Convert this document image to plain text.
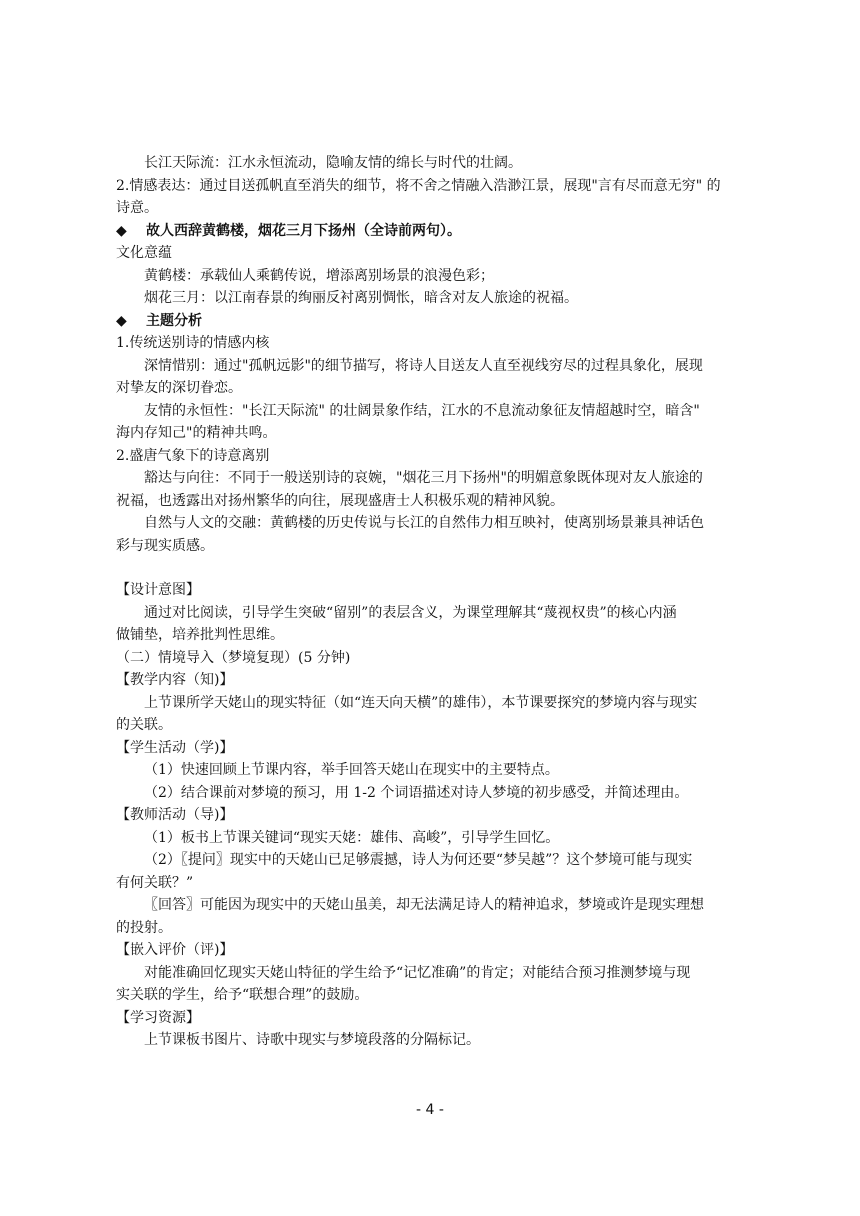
长江天际流：江水永恒流动，隐喻友情的绵长与时代的壮阔。
2.情感表达：通过目送孤帆直至消失的细节，将不舍之情融入浩渺江景，展现"言有尽而意无穷" 的
诗意。
◆ 故人西辞黄鹤楼，烟花三月下扬州（全诗前两句）。
文化意蕴
黄鹤楼：承载仙人乘鹤传说，增添离别场景的浪漫色彩；
烟花三月：以江南春景的绚丽反衬离别惆怅，暗含对友人旅途的祝福。
◆ 主题分析
1.传统送别诗的情感内核
深情惜别：通过"孤帆远影"的细节描写，将诗人目送友人直至视线穷尽的过程具象化，展现
对挚友的深切眷恋。
友情的永恒性："长江天际流" 的壮阔景象作结，江水的不息流动象征友情超越时空，暗含"
海内存知己"的精神共鸣。
2.盛唐气象下的诗意离别
豁达与向往：不同于一般送别诗的哀婉，"烟花三月下扬州"的明媚意象既体现对友人旅途的
祝福，也透露出对扬州繁华的向往，展现盛唐士人积极乐观的精神风貌。
自然与人文的交融：黄鹤楼的历史传说与长江的自然伟力相互映衬，使离别场景兼具神话色
彩与现实质感。
【设计意图】
通过对比阅读，引导学生突破“留别”的表层含义，为课堂理解其“蔑视权贵”的核心内涵
做铺垫，培养批判性思维。
（二）情境导入（梦境复现）(5 分钟)
【教学内容（知)】
上节课所学天姥山的现实特征（如“连天向天横”的雄伟），本节课要探究的梦境内容与现实
的关联。
【学生活动（学)】
（1）快速回顾上节课内容，举手回答天姥山在现实中的主要特点。
（2）结合课前对梦境的预习，用 1-2 个词语描述对诗人梦境的初步感受，并简述理由。
【教师活动（导)】
（1）板书上节课关键词“现实天姥：雄伟、高峻”，引导学生回忆。
（2）〖提问〗现实中的天姥山已足够震撼，诗人为何还要“梦吴越”？这个梦境可能与现实
有何关联？”
〖回答〗可能因为现实中的天姥山虽美，却无法满足诗人的精神追求，梦境或许是现实理想
的投射。
【嵌入评价（评)】
对能准确回忆现实天姥山特征的学生给予“记忆准确”的肯定；对能结合预习推测梦境与现
实关联的学生，给予“联想合理”的鼓励。
【学习资源】
上节课板书图片、诗歌中现实与梦境段落的分隔标记。
- 4 -
